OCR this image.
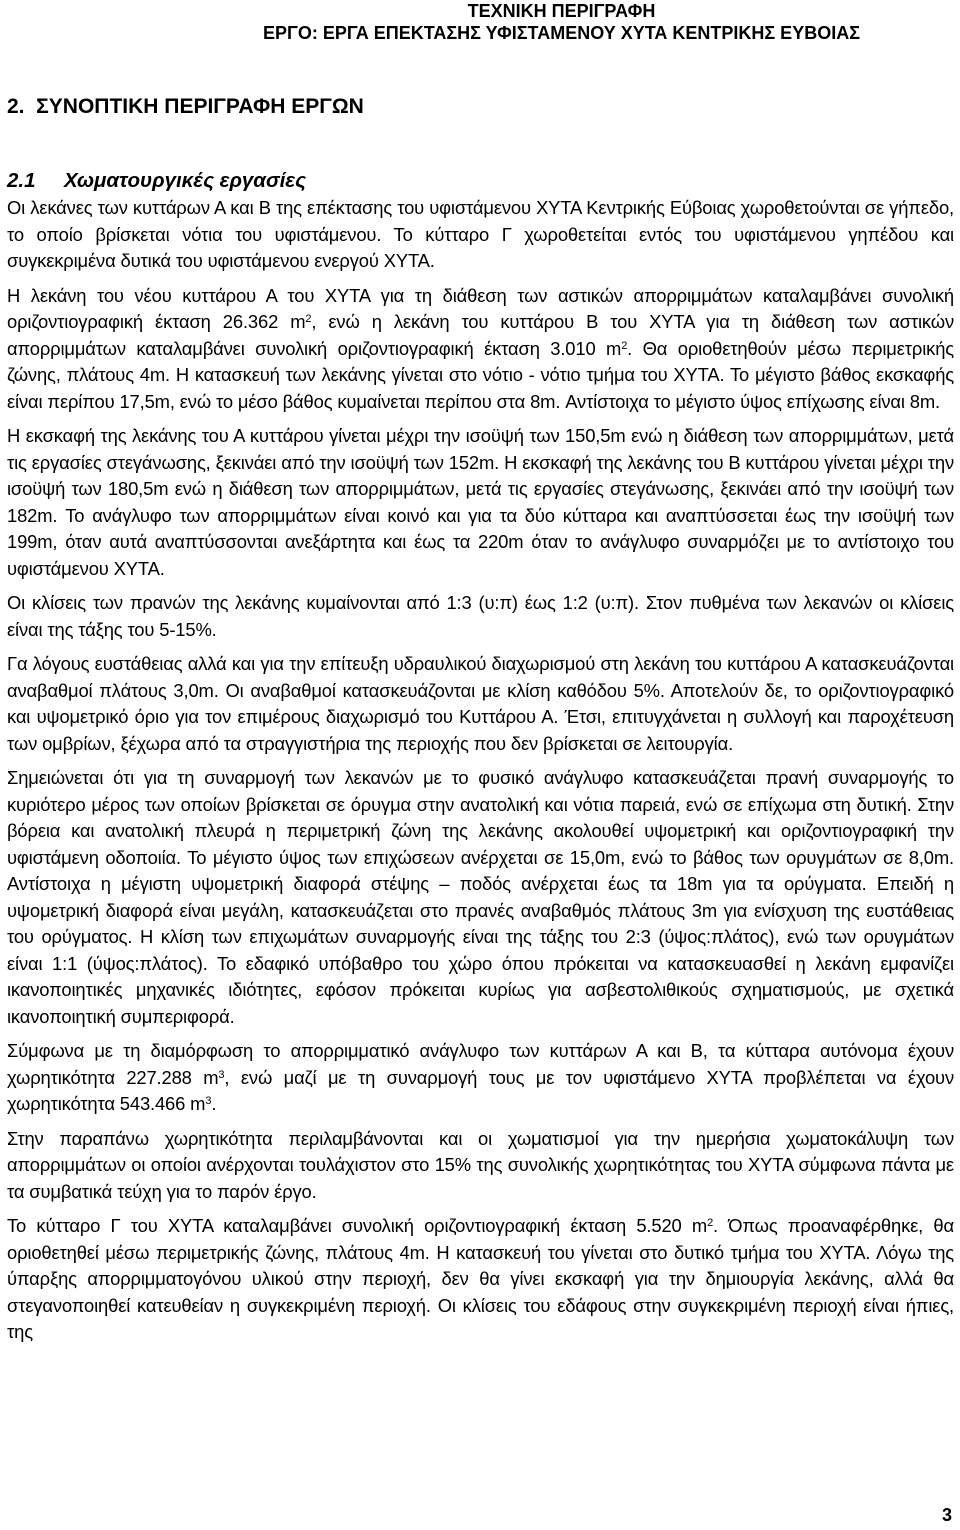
ΤΕΧΝΙΚΗ ΠΕΡΙΓΡΑΦΗ
ΕΡΓΟ: ΕΡΓΑ ΕΠΕΚΤΑΣΗΣ ΥΦΙΣΤΑΜΕΝΟΥ ΧΥΤΑ ΚΕΝΤΡΙΚΗΣ ΕΥΒΟΙΑΣ
2.  ΣΥΝΟΠΤΙΚΗ ΠΕΡΙΓΡΑΦΗ ΕΡΓΩΝ
2.1     Χωματουργικές εργασίες

Οι λεκάνες των κυττάρων Α και Β της επέκτασης του υφιστάμενου ΧΥΤΑ Κεντρικής Εύβοιας χωροθετούνται σε γήπεδο, το οποίο βρίσκεται νότια του υφιστάμενου. Το κύτταρο Γ χωροθετείται εντός του υφιστάμενου γηπέδου και συγκεκριμένα δυτικά του υφιστάμενου ενεργού ΧΥΤΑ.

Η λεκάνη του νέου κυττάρου Α του ΧΥΤΑ για τη διάθεση των αστικών απορριμμάτων καταλαμβάνει συνολική οριζοντιογραφική έκταση 26.362 $m^2$, ενώ η λεκάνη του κυττάρου Β του ΧΥΤΑ για τη διάθεση των αστικών απορριμμάτων καταλαμβάνει συνολική οριζοντιογραφική έκταση 3.010 $m^2$. Θα οριοθετηθούν μέσω περιμετρικής ζώνης, πλάτους 4m. Η κατασκευή των λεκάνης γίνεται στο νότιο - νότιο τμήμα του ΧΥΤΑ. Το μέγιστο βάθος εκσκαφής είναι περίπου 17,5m, ενώ το μέσο βάθος κυμαίνεται περίπου στα 8m. Αντίστοιχα το μέγιστο ύψος επίχωσης είναι 8m.

Η εκσκαφή της λεκάνης του Α κυττάρου γίνεται μέχρι την ισοϋψή των 150,5m ενώ η διάθεση των απορριμμάτων, μετά τις εργασίες στεγάνωσης, ξεκινάει από την ισοϋψή των 152m. Η εκσκαφή της λεκάνης του Β κυττάρου γίνεται μέχρι την ισοϋψή των 180,5m ενώ η διάθεση των απορριμμάτων, μετά τις εργασίες στεγάνωσης, ξεκινάει από την ισοϋψή των 182m. Το ανάγλυφο των απορριμμάτων είναι κοινό και για τα δύο κύτταρα και αναπτύσσεται έως την ισοϋψή των 199m, όταν αυτά αναπτύσσονται ανεξάρτητα και έως τα 220m όταν το ανάγλυφο συναρμόζει με το αντίστοιχο του υφιστάμενου ΧΥΤΑ.

Οι κλίσεις των πρανών της λεκάνης κυμαίνονται από 1:3 (υ:π) έως 1:2 (υ:π). Στον πυθμένα των λεκανών οι κλίσεις είναι της τάξης του 5-15%.

Γα λόγους ευστάθειας αλλά και για την επίτευξη υδραυλικού διαχωρισμού στη λεκάνη του κυττάρου Α κατασκευάζονται αναβαθμοί πλάτους 3,0m. Οι αναβαθμοί κατασκευάζονται με κλίση καθόδου 5%. Αποτελούν δε, το οριζοντιογραφικό και υψομετρικό όριο για τον επιμέρους διαχωρισμό του Κυττάρου Α. Έτσι, επιτυγχάνεται η συλλογή και παροχέτευση των ομβρίων, ξέχωρα από τα στραγγιστήρια της περιοχής που δεν βρίσκεται σε λειτουργία.

Σημειώνεται ότι για τη συναρμογή των λεκανών με το φυσικό ανάγλυφο κατασκευάζεται πρανή συναρμογής το κυριότερο μέρος των οποίων βρίσκεται σε όρυγμα στην ανατολική και νότια παρειά, ενώ σε επίχωμα στη δυτική. Στην βόρεια και ανατολική πλευρά η περιμετρική ζώνη της λεκάνης ακολουθεί υψομετρική και οριζοντιογραφική την υφιστάμενη οδοποιία. Το μέγιστο ύψος των επιχώσεων ανέρχεται σε 15,0m, ενώ το βάθος των ορυγμάτων σε 8,0m. Αντίστοιχα η μέγιστη υψομετρική διαφορά στέψης – ποδός ανέρχεται έως τα 18m για τα ορύγματα. Επειδή η υψομετρική διαφορά είναι μεγάλη, κατασκευάζεται στο πρανές αναβαθμός πλάτους 3m για ενίσχυση της ευστάθειας του ορύγματος. Η κλίση των επιχωμάτων συναρμογής είναι της τάξης του 2:3 (ύψος:πλάτος), ενώ των ορυγμάτων είναι 1:1 (ύψος:πλάτος). Το εδαφικό υπόβαθρο του χώρο όπου πρόκειται να κατασκευασθεί η λεκάνη εμφανίζει ικανοποιητικές μηχανικές ιδιότητες, εφόσον πρόκειται κυρίως για ασβεστολιθικούς σχηματισμούς, με σχετικά ικανοποιητική συμπεριφορά.

Σύμφωνα με τη διαμόρφωση το απορριμματικό ανάγλυφο των κυττάρων Α και Β, τα κύτταρα αυτόνομα έχουν χωρητικότητα 227.288 $m^3$, ενώ μαζί με τη συναρμογή τους με τον υφιστάμενο ΧΥΤΑ προβλέπεται να έχουν χωρητικότητα 543.466 $m^3$.

Στην παραπάνω χωρητικότητα περιλαμβάνονται και οι χωματισμοί για την ημερήσια χωματοκάλυψη των απορριμμάτων οι οποίοι ανέρχονται τουλάχιστον στο 15% της συνολικής χωρητικότητας του ΧΥΤΑ σύμφωνα πάντα με τα συμβατικά τεύχη για το παρόν έργο.

Το κύτταρο Γ του ΧΥΤΑ καταλαμβάνει συνολική οριζοντιογραφική έκταση 5.520 $m^2$. Όπως προαναφέρθηκε, θα οριοθετηθεί μέσω περιμετρικής ζώνης, πλάτους 4m. Η κατασκευή του γίνεται στο δυτικό τμήμα του ΧΥΤΑ. Λόγω της ύπαρξης απορριμματογόνου υλικού στην περιοχή, δεν θα γίνει εκσκαφή για την δημιουργία λεκάνης, αλλά θα στεγανοποιηθεί κατευθείαν η συγκεκριμένη περιοχή. Οι κλίσεις του εδάφους στην συγκεκριμένη περιοχή είναι ήπιες, της

3
